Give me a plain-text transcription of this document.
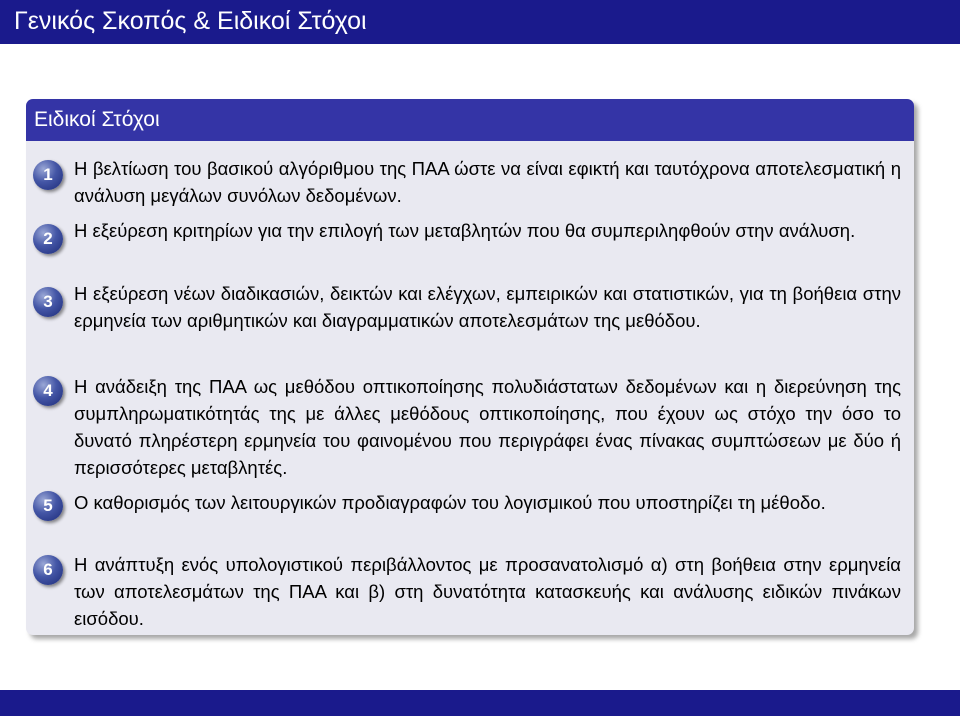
Γενικός Σκοπός & Ειδικοί Στόχοι
Ειδικοί Στόχοι
1	Η βελτίωση του βασικού αλγόριθμου της ΠΑΑ ώστε να είναι εφικτή και ταυτόχρονα αποτελεσματική η ανάλυση μεγάλων συνόλων δεδομένων.
2	Η εξεύρεση κριτηρίων για την επιλογή των μεταβλητών που θα συμπεριληφθούν στην ανάλυση.
3	Η εξεύρεση νέων διαδικασιών, δεικτών και ελέγχων, εμπειρικών και στατιστικών, για τη βοήθεια στην ερμηνεία των αριθμητικών και διαγραμματικών αποτελεσμάτων της μεθόδου.
4	Η ανάδειξη της ΠΑΑ ως μεθόδου οπτικοποίησης πολυδιάστατων δεδομένων και η διερεύνηση της συμπληρωματικότητάς της με άλλες μεθόδους οπτικοποίησης, που έχουν ως στόχο την όσο το δυνατό πληρέστερη ερμηνεία του φαινομένου που περιγράφει ένας πίνακας συμπτώσεων με δύο ή περισσότερες μεταβλητές.
5	Ο καθορισμός των λειτουργικών προδιαγραφών του λογισμικού που υποστηρίζει τη μέθοδο.
6	Η ανάπτυξη ενός υπολογιστικού περιβάλλοντος με προσανατολισμό α) στη βοήθεια στην ερμηνεία των αποτελεσμάτων της ΠΑΑ και β) στη δυνατότητα κατασκευής και ανάλυσης ειδικών πινάκων εισόδου.
